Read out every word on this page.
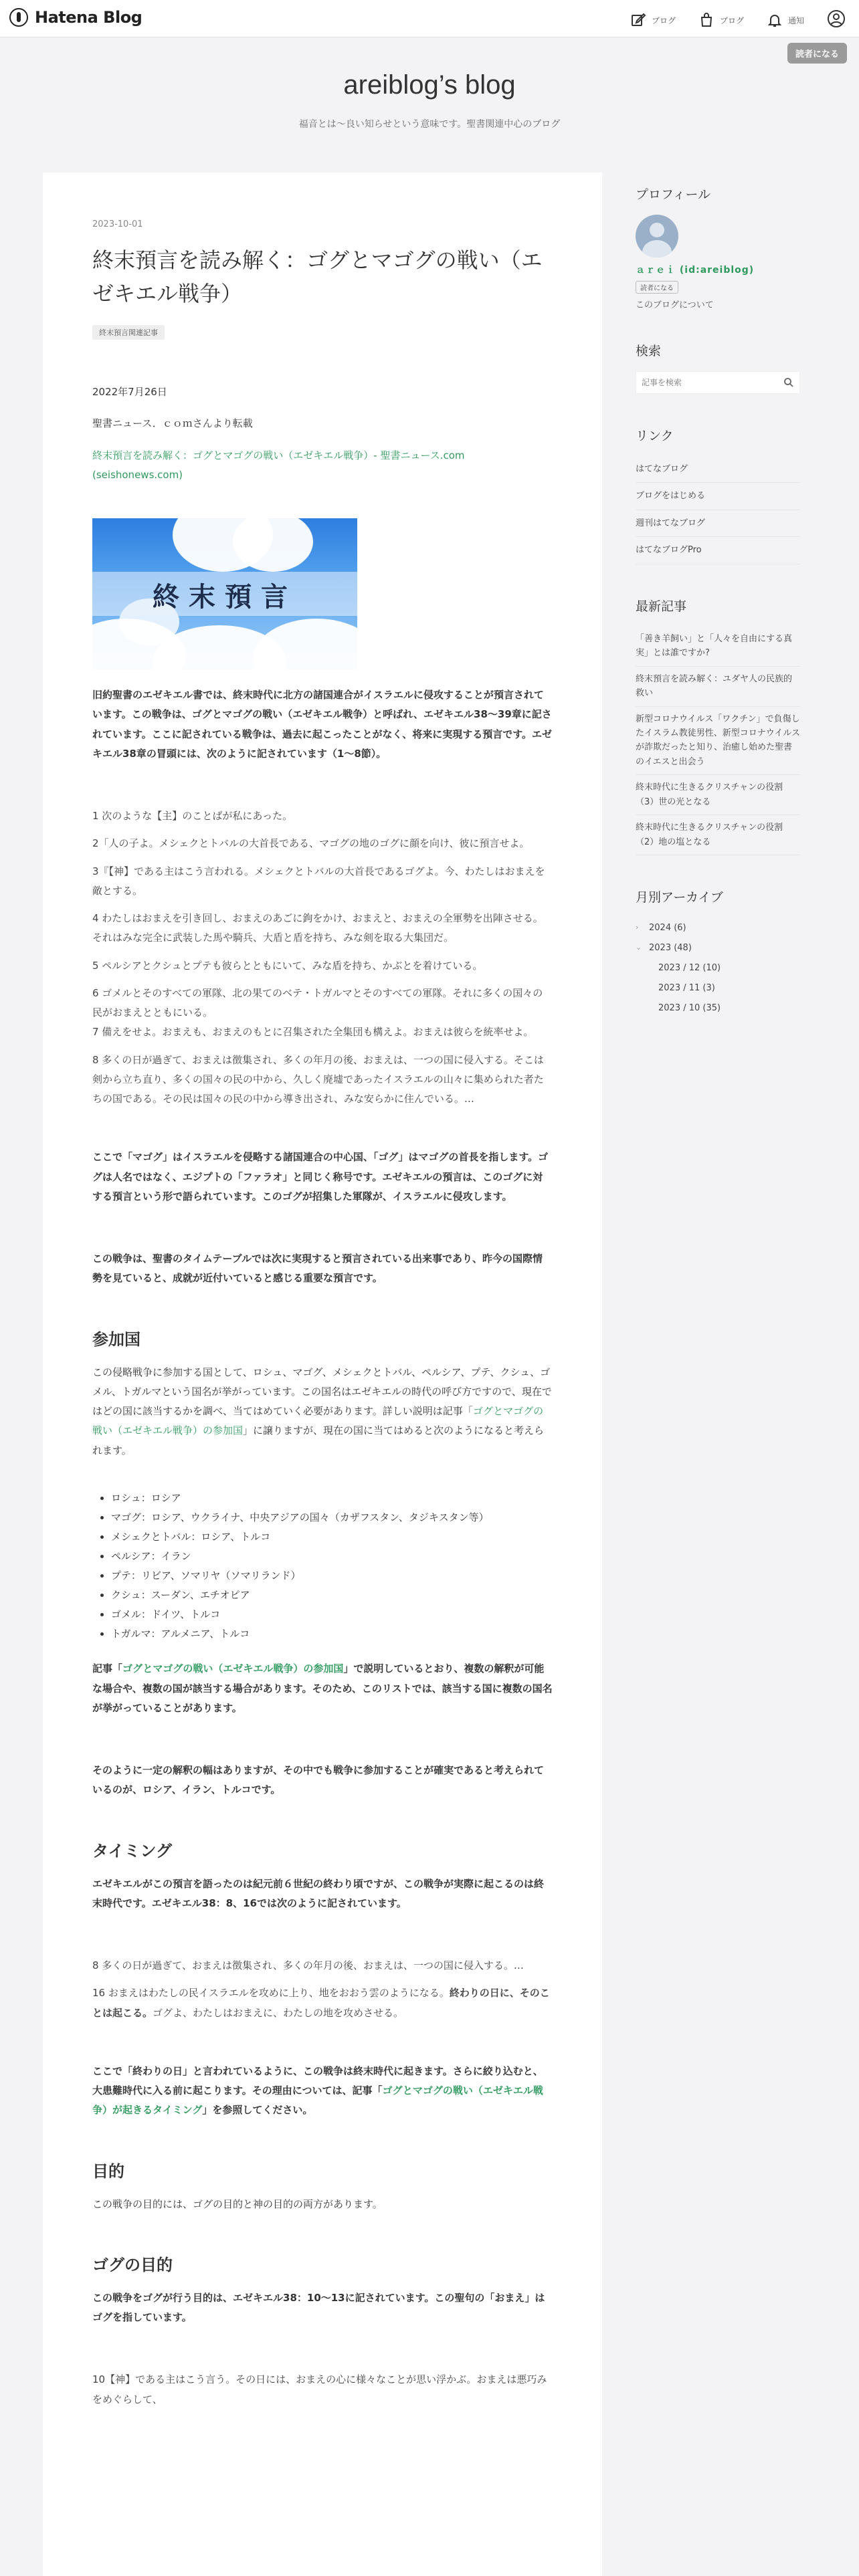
Hatena Blog	ブログ	ブログ	通知
読者になる
areiblog’s blog
福音とは～良い知らせという意味です。聖書関連中心のブログ
2023-10-01
終末預言を読み解く：ゴグとマゴグの戦い（エゼキエル戦争）
終末預言関連記事
2022年7月26日
聖書ニュース．ｃｏｍさんより転載
終末預言を読み解く：ゴグとマゴグの戦い（エゼキエル戦争）- 聖書ニュース.com (seishonews.com)
終末預言
旧約聖書のエゼキエル書では、終末時代に北方の諸国連合がイスラエルに侵攻することが預言されています。この戦争は、ゴグとマゴグの戦い（エゼキエル戦争）と呼ばれ、エゼキエル38〜39章に記されています。ここに記されている戦争は、過去に起こったことがなく、将来に実現する預言です。エゼキエル38章の冒頭には、次のように記されています（1〜8節）。
1 次のような【主】のことばが私にあった。
2「人の子よ。メシェクとトバルの大首長である、マゴグの地のゴグに顔を向け、彼に預言せよ。
3『【神】である主はこう言われる。メシェクとトバルの大首長であるゴグよ。今、わたしはおまえを敵とする。
4 わたしはおまえを引き回し、おまえのあごに鉤をかけ、おまえと、おまえの全軍勢を出陣させる。それはみな完全に武装した馬や騎兵、大盾と盾を持ち、みな剣を取る大集団だ。
5 ペルシアとクシュとプテも彼らとともにいて、みな盾を持ち、かぶとを着けている。
6 ゴメルとそのすべての軍隊、北の果てのベテ・トガルマとそのすべての軍隊。それに多くの国々の民がおまえとともにいる。
7 備えをせよ。おまえも、おまえのもとに召集された全集団も構えよ。おまえは彼らを統率せよ。
8 多くの日が過ぎて、おまえは徴集され、多くの年月の後、おまえは、一つの国に侵入する。そこは剣から立ち直り、多くの国々の民の中から、久しく廃墟であったイスラエルの山々に集められた者たちの国である。その民は国々の民の中から導き出され、みな安らかに住んでいる。…
ここで「マゴグ」はイスラエルを侵略する諸国連合の中心国、「ゴグ」はマゴグの首長を指します。ゴグは人名ではなく、エジプトの「ファラオ」と同じく称号です。エゼキエルの預言は、このゴグに対する預言という形で語られています。このゴグが招集した軍隊が、イスラエルに侵攻します。
この戦争は、聖書のタイムテーブルでは次に実現すると預言されている出来事であり、昨今の国際情勢を見ていると、成就が近付いていると感じる重要な預言です。
参加国
この侵略戦争に参加する国として、ロシュ、マゴグ、メシェクとトバル、ペルシア、プテ、クシュ、ゴメル、トガルマという国名が挙がっています。この国名はエゼキエルの時代の呼び方ですので、現在ではどの国に該当するかを調べ、当てはめていく必要があります。詳しい説明は記事「ゴグとマゴグの戦い（エゼキエル戦争）の参加国」に譲りますが、現在の国に当てはめると次のようになると考えられます。
ロシュ：ロシア
マゴグ：ロシア、ウクライナ、中央アジアの国々（カザフスタン、タジキスタン等）
メシェクとトバル：ロシア、トルコ
ペルシア：イラン
プテ：リビア、ソマリヤ（ソマリランド）
クシュ：スーダン、エチオピア
ゴメル：ドイツ、トルコ
トガルマ：アルメニア、トルコ
記事「ゴグとマゴグの戦い（エゼキエル戦争）の参加国」で説明しているとおり、複数の解釈が可能な場合や、複数の国が該当する場合があります。そのため、このリストでは、該当する国に複数の国名が挙がっていることがあります。
そのように一定の解釈の幅はありますが、その中でも戦争に参加することが確実であると考えられているのが、ロシア、イラン、トルコです。
タイミング
エゼキエルがこの預言を語ったのは紀元前６世紀の終わり頃ですが、この戦争が実際に起こるのは終末時代です。エゼキエル38：8、16では次のように記されています。
8 多くの日が過ぎて、おまえは徴集され、多くの年月の後、おまえは、一つの国に侵入する。…
16 おまえはわたしの民イスラエルを攻めに上り、地をおおう雲のようになる。終わりの日に、そのことは起こる。ゴグよ、わたしはおまえに、わたしの地を攻めさせる。
ここで「終わりの日」と言われているように、この戦争は終末時代に起きます。さらに絞り込むと、大患難時代に入る前に起こります。その理由については、記事「ゴグとマゴグの戦い（エゼキエル戦争）が起きるタイミング」を参照してください。
目的
この戦争の目的には、ゴグの目的と神の目的の両方があります。
ゴグの目的
この戦争をゴグが行う目的は、エゼキエル38：10〜13に記されています。この聖句の「おまえ」はゴグを指しています。
10【神】である主はこう言う。その日には、おまえの心に様々なことが思い浮かぶ。おまえは悪巧みをめぐらして、
プロフィール
ａｒｅｉ (id:areiblog)
読者になる
このブログについて
検索
記事を検索
リンク
はてなブログ
ブログをはじめる
週刊はてなブログ
はてなブログPro
最新記事
「善き羊飼い」と「人々を自由にする真実」とは誰ですか?
終末預言を読み解く：ユダヤ人の民族的救い
新型コロナウイルス「ワクチン」で負傷したイスラム教徒男性、新型コロナウイルスが詐欺だったと知り、治癒し始めた聖書のイエスと出会う
終末時代に生きるクリスチャンの役割（3）世の光となる
終末時代に生きるクリスチャンの役割（2）地の塩となる
月別アーカイブ
›	2024 (6)
⌄ 2023 (48)
2023 / 12 (10)
2023 / 11 (3)
2023 / 10 (35)
